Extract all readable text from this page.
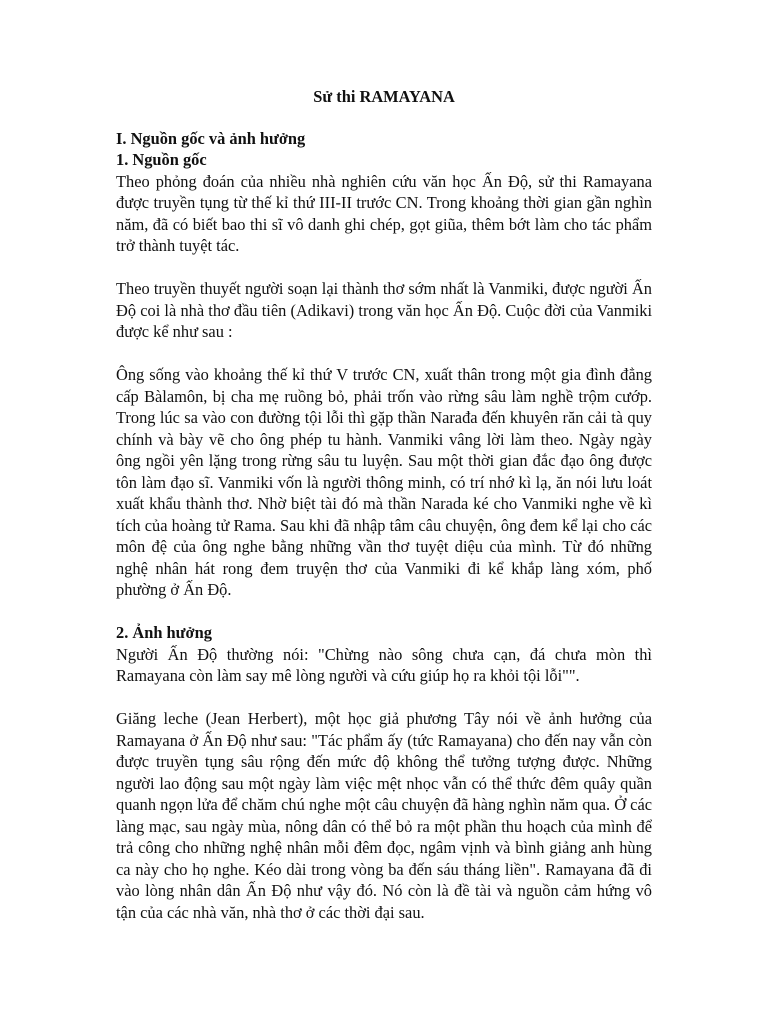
Sử thi RAMAYANA

I. Nguồn gốc và ảnh hưởng

1. Nguồn gốc

Theo phỏng đoán của nhiều nhà nghiên cứu văn học Ấn Độ, sử thi Ramayana được truyền tụng từ thế kỉ thứ III-II trước CN. Trong khoảng thời gian gần nghìn năm, đã có biết bao thi sĩ vô danh ghi chép, gọt giũa, thêm bớt làm cho tác phẩm trở thành tuyệt tác.

Theo truyền thuyết người soạn lại thành thơ sớm nhất là Vanmiki, được người Ấn Độ coi là nhà thơ đầu tiên (Adikavi) trong văn học Ấn Độ. Cuộc đời của Vanmiki được kể như sau :

Ông sống vào khoảng thế kỉ thứ V trước CN, xuất thân trong một gia đình đẳng cấp Bàlamôn, bị cha mẹ ruồng bỏ, phải trốn vào rừng sâu làm nghề trộm cướp. Trong lúc sa vào con đường tội lỗi thì gặp thần Narađa đến khuyên răn cải tà quy chính và bày vẽ cho ông phép tu hành. Vanmiki vâng lời làm theo. Ngày ngày ông ngồi yên lặng trong rừng sâu tu luyện. Sau một thời gian đắc đạo ông được tôn làm đạo sĩ. Vanmiki vốn là người thông minh, có trí nhớ kì lạ, ăn nói lưu loát xuất khẩu thành thơ. Nhờ biệt tài đó mà thần Narada ké cho Vanmiki nghe về kì tích của hoàng tử Rama. Sau khi đã nhập tâm câu chuyện, ông đem kể lại cho các môn đệ của ông nghe bằng những vần thơ tuyệt diệu của mình. Từ đó những nghệ nhân hát rong đem truyện thơ của Vanmiki đi kể khắp làng xóm, phố phường ở Ấn Độ.

2. Ảnh hưởng

Người Ấn Độ thường nói: "Chừng nào sông chưa cạn, đá chưa mòn thì Ramayana còn làm say mê lòng người và cứu giúp họ ra khỏi tội lỗi"".

Giăng leche (Jean Herbert), một học giả phương Tây nói về ảnh hưởng của Ramayana ở Ấn Độ như sau: "Tác phẩm ấy (tức Ramayana) cho đến nay vẫn còn được truyền tụng sâu rộng đến mức độ không thể tưởng tượng được. Những người lao động sau một ngày làm việc mệt nhọc vẫn có thể thức đêm quây quần quanh ngọn lửa để chăm chú nghe một câu chuyện đã hàng nghìn năm qua. Ở các làng mạc, sau ngày mùa, nông dân có thể bỏ ra một phần thu hoạch của mình để trả công cho những nghệ nhân mỗi đêm đọc, ngâm vịnh và bình giảng anh hùng ca này cho họ nghe. Kéo dài trong vòng ba đến sáu tháng liền". Ramayana đã đi vào lòng nhân dân Ấn Độ như vậy đó. Nó còn là đề tài và nguồn cảm hứng vô tận của các nhà văn, nhà thơ ở các thời đại sau.
